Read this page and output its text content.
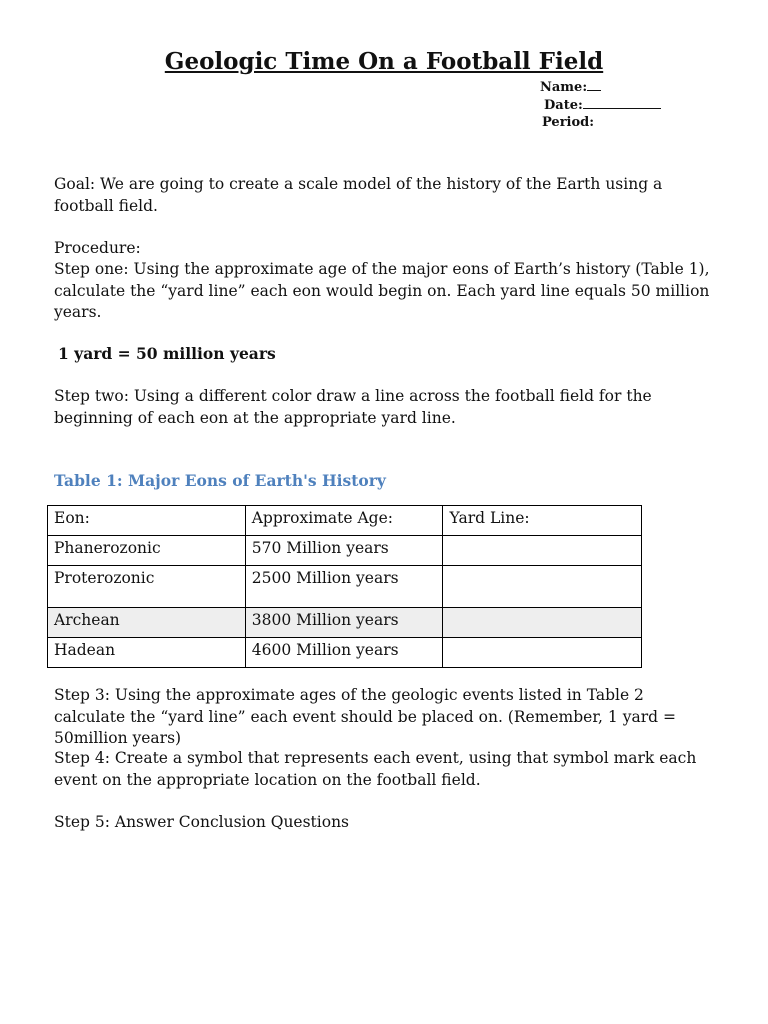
Geologic Time On a Football Field
Name:
Date:
Period:
Goal: We are going to create a scale model of the history of the Earth using a football field.
Procedure:
Step one: Using the approximate age of the major eons of Earth’s history (Table 1), calculate the “yard line” each eon would begin on. Each yard line equals 50 million years.
1 yard = 50 million years
Step two: Using a different color draw a line across the football field for the beginning of each eon at the appropriate yard line.
Table 1: Major Eons of Earth's History
Eon:	Approximate Age:	Yard Line:
Phanerozonic	570 Million years	
Proterozonic	2500 Million years	
Archean	3800 Million years	
Hadean	4600 Million years	
Step 3: Using the approximate ages of the geologic events listed in Table 2 calculate the “yard line” each event should be placed on. (Remember, 1 yard = 50million years)
Step 4: Create a symbol that represents each event, using that symbol mark each event on the appropriate location on the football field.
Step 5: Answer Conclusion Questions
